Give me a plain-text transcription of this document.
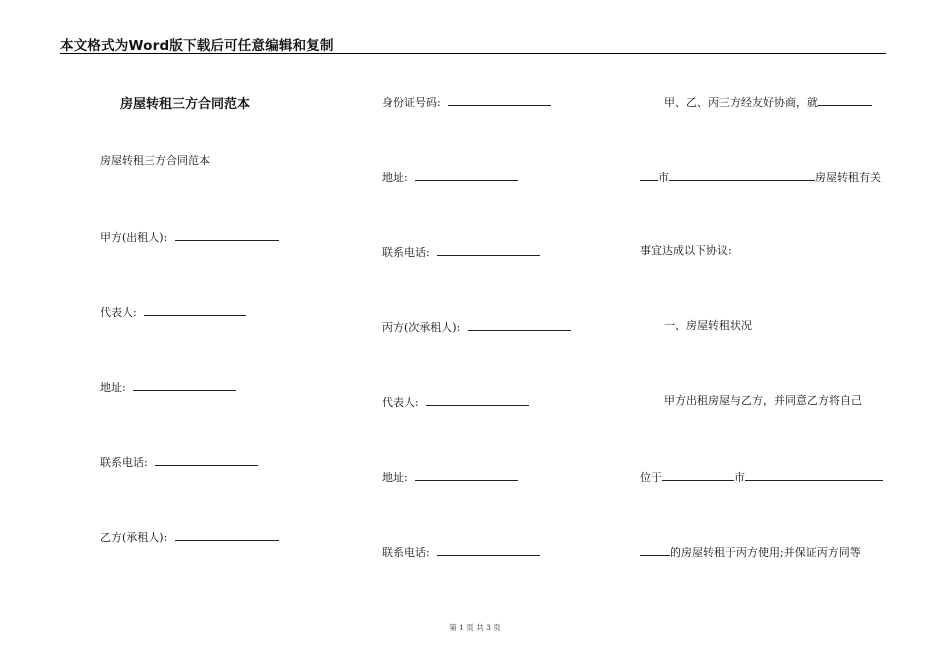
本文格式为Word版下载后可任意编辑和复制
房屋转租三方合同范本
房屋转租三方合同范本
甲方(出租人):
代表人:
地址:
联系电话:
乙方(承租人):
身份证号码:
地址:
联系电话:
丙方(次承租人):
代表人:
地址:
联系电话:
甲、乙、丙三方经友好协商，就
市	房屋转租有关
事宜达成以下协议:
一、房屋转租状况
甲方出租房屋与乙方，并同意乙方将自己
位于	市
的房屋转租于丙方使用;并保证丙方同等
第 1 页 共 3 页
